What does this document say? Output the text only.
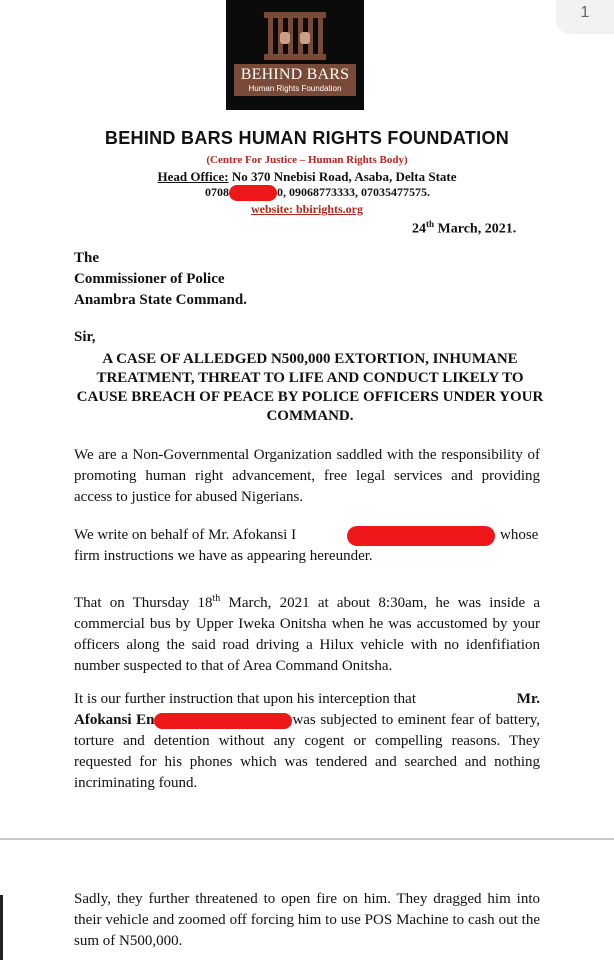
1
BEHIND BARS
Human Rights Foundation
BEHIND BARS HUMAN RIGHTS FOUNDATION
(Centre For Justice – Human Rights Body)
Head Office: No 370 Nnebisi Road, Asaba, Delta State
0708	0, 09068773333, 07035477575.
website: bbirights.org
24th March, 2021.
The
Commissioner of Police
Anambra State Command.
Sir,
A CASE OF ALLEDGED N500,000 EXTORTION, INHUMANE TREATMENT, THREAT TO LIFE AND CONDUCT LIKELY TO CAUSE BREACH OF PEACE BY POLICE OFFICERS UNDER YOUR COMMAND.
We are a Non-Governmental Organization saddled with the responsibility of promoting human right advancement, free legal services and providing access to justice for abused Nigerians.
We write on behalf of Mr. Afokansi I	whose
firm instructions we have as appearing hereunder.
That on Thursday 18th March, 2021 at about 8:30am, he was inside a commercial bus by Upper Iweka Onitsha when he was accustomed by your officers along the said road driving a Hilux vehicle with no idenfifiation number suspected to that of Area Command Onitsha.
It is our further instruction that upon his interception that	Mr.
Afokansi En	was subjected to eminent fear of battery, torture and detention without any cogent or compelling reasons. They requested for his phones which was tendered and searched and nothing incriminating found.
Sadly, they further threatened to open fire on him. They dragged him into their vehicle and zoomed off forcing him to use POS Machine to cash out the sum of N500,000.
